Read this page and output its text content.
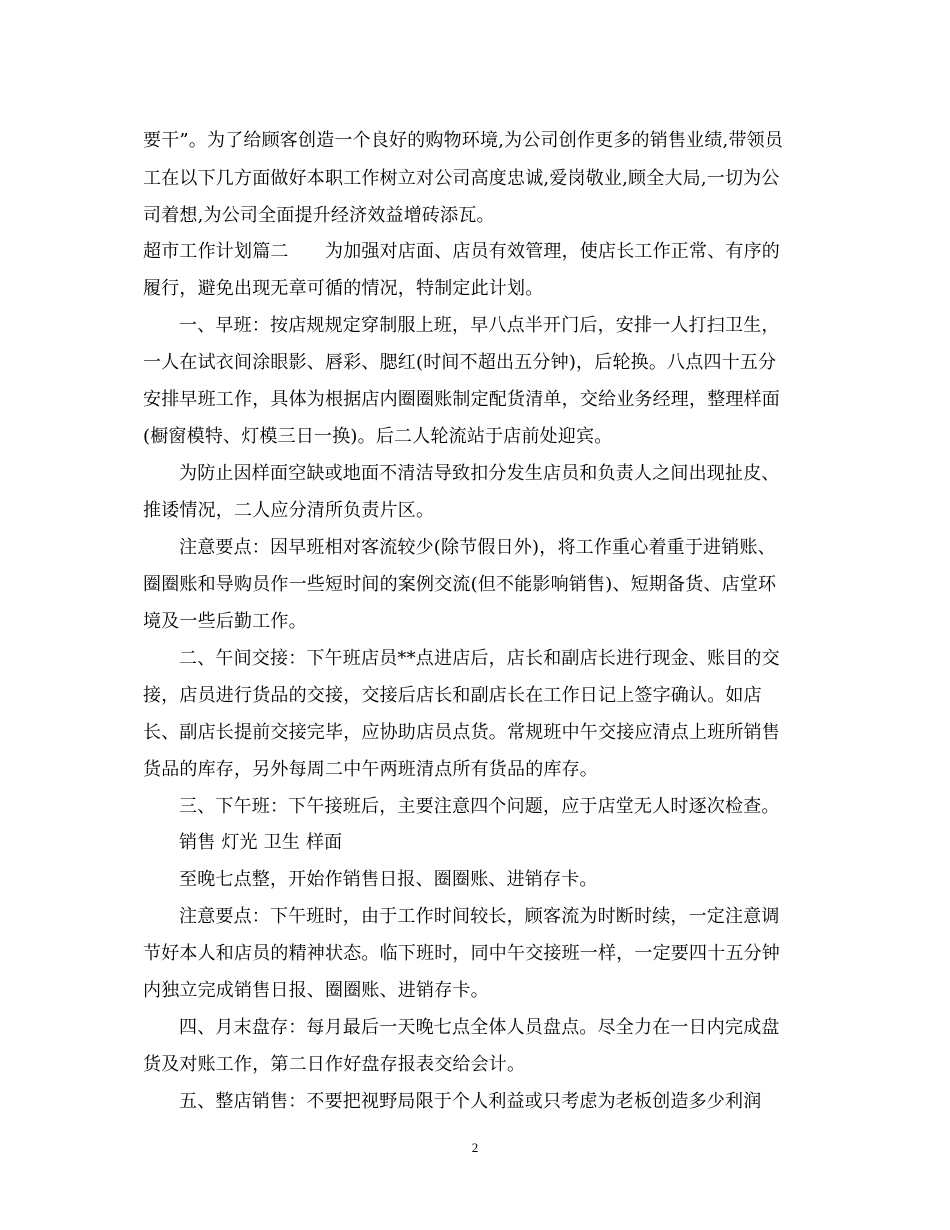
要干”。为了给顾客创造一个良好的购物环境,为公司创作更多的销售业绩,带领员
工在以下几方面做好本职工作树立对公司高度忠诚,爱岗敬业,顾全大局,一切为公
司着想,为公司全面提升经济效益增砖添瓦。
超市工作计划篇二　　为加强对店面、店员有效管理，使店长工作正常、有序的
履行，避免出现无章可循的情况，特制定此计划。
一、早班：按店规规定穿制服上班，早八点半开门后，安排一人打扫卫生，
一人在试衣间涂眼影、唇彩、腮红(时间不超出五分钟)，后轮换。八点四十五分
安排早班工作，具体为根据店内圈圈账制定配货清单，交给业务经理，整理样面
(橱窗模特、灯模三日一换)。后二人轮流站于店前处迎宾。
为防止因样面空缺或地面不清洁导致扣分发生店员和负责人之间出现扯皮、
推诿情况，二人应分清所负责片区。
注意要点：因早班相对客流较少(除节假日外)，将工作重心着重于进销账、
圈圈账和导购员作一些短时间的案例交流(但不能影响销售)、短期备货、店堂环
境及一些后勤工作。
二、午间交接：下午班店员**点进店后，店长和副店长进行现金、账目的交
接，店员进行货品的交接，交接后店长和副店长在工作日记上签字确认。如店
长、副店长提前交接完毕，应协助店员点货。常规班中午交接应清点上班所销售
货品的库存，另外每周二中午两班清点所有货品的库存。
三、下午班：下午接班后，主要注意四个问题，应于店堂无人时逐次检查。
销售 灯光 卫生 样面
至晚七点整，开始作销售日报、圈圈账、进销存卡。
注意要点：下午班时，由于工作时间较长，顾客流为时断时续，一定注意调
节好本人和店员的精神状态。临下班时，同中午交接班一样，一定要四十五分钟
内独立完成销售日报、圈圈账、进销存卡。
四、月末盘存：每月最后一天晚七点全体人员盘点。尽全力在一日内完成盘
货及对账工作，第二日作好盘存报表交给会计。
五、整店销售：不要把视野局限于个人利益或只考虑为老板创造多少利润
2
